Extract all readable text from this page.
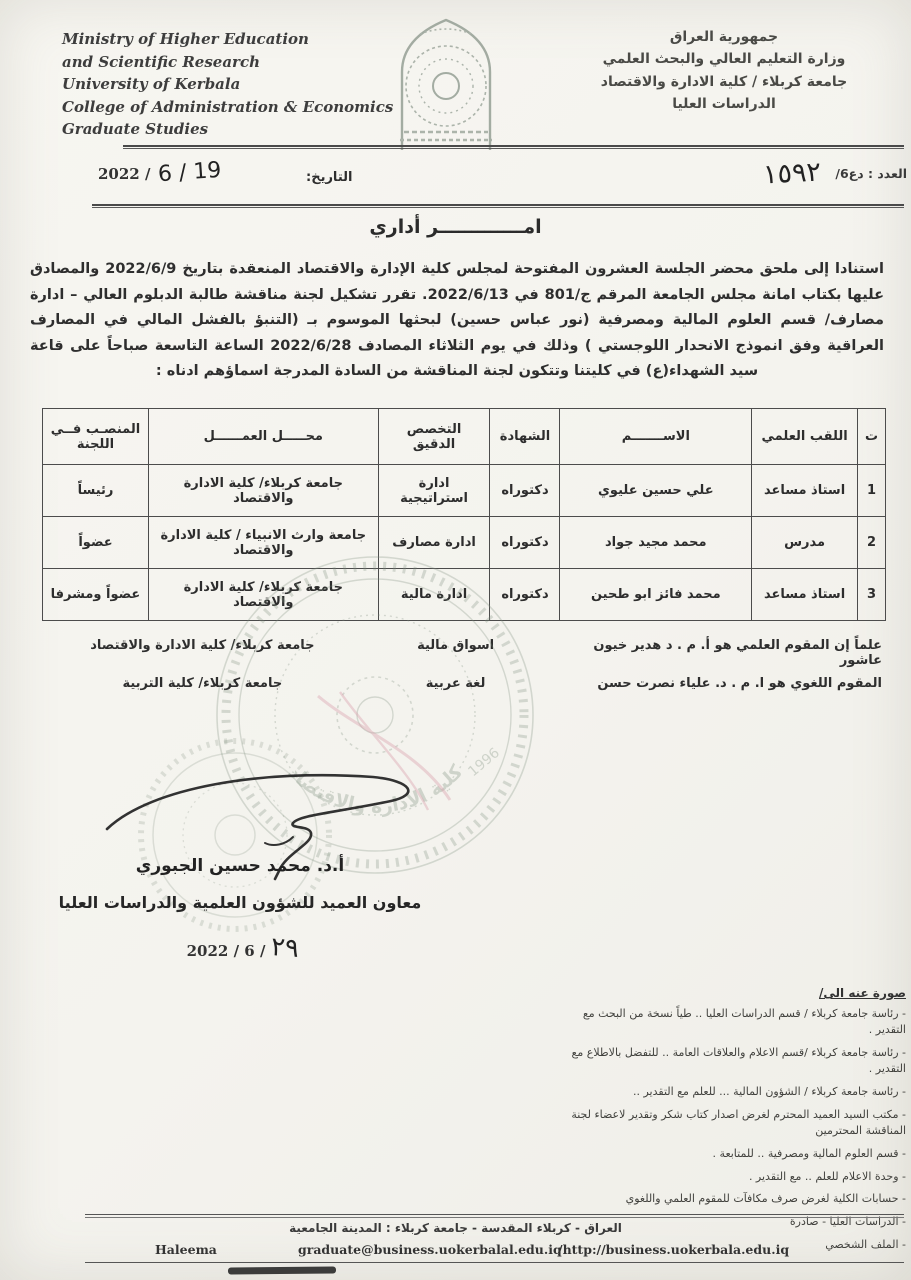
Ministry of Higher Education
and Scientific Research
University of Kerbala
College of Administration & Economics
Graduate Studies
جمهورية العراق
وزارة التعليم العالي والبحث العلمي
جامعة كربلاء / كلية الادارة والاقتصاد
الدراسات العليا
العدد : دع6/
١٥٩٢
التاريخ:
2022 / 6 / 19
امـــــــــــــر أداري
استنادا إلى ملحق محضر الجلسة العشرون المفتوحة لمجلس كلية الإدارة والاقتصاد المنعقدة بتاريخ 2022/6/9 والمصادق عليها بكتاب امانة مجلس الجامعة المرقم ج/801 في 2022/6/13. تقرر تشكيل لجنة مناقشة طالبة الدبلوم العالي – ادارة مصارف/ قسم العلوم المالية ومصرفية (نور عباس حسين) لبحثها الموسوم بـ (التنبؤ بالفشل المالي في المصارف العراقية وفق انموذج الانحدار اللوجستي ) وذلك في يوم الثلاثاء المصادف 2022/6/28 الساعة التاسعة صباحاً على قاعة سيد الشهداء(ع) في كليتنا وتتكون لجنة المناقشة من السادة المدرجة اسماؤهم ادناه :
ت	اللقب العلمي	الاســـــــم	الشهادة	التخصص الدقيق	محـــــل العمــــــل	المنصـب فــي اللجنة
1	استاذ مساعد	علي حسين عليوي	دكتوراه	ادارة استراتيجية	جامعة كربلاء/ كلية الادارة والاقتصاد	رئيساً
2	مدرس	محمد مجيد جواد	دكتوراه	ادارة مصارف	جامعة وارث الانبياء / كلية الادارة والاقتصاد	عضواً
3	استاذ مساعد	محمد فائز ابو طحين	دكتوراه	ادارة مالية	جامعة كربلاء/ كلية الادارة والاقتصاد	عضواً ومشرفا
علماً إن المقوم العلمي هو أ. م . د هدير خيون عاشور
اسواق مالية
جامعة كربلاء/ كلية الادارة والاقتصاد
المقوم اللغوي هو ا. م . د. علياء نصرت حسن
لغة عربية
جامعة كربلاء/ كلية التربية
كلية الادارة والاقتصاد
1996
أ.د. محمد حسين الجبوري
معاون العميد للشؤون العلمية والدراسات العليا
2022 / 6 / ٢٩
صورة عنه الى/
- رئاسة جامعة كربلاء / قسم الدراسات العليا .. طياً نسخة من البحث مع التقدير .
- رئاسة جامعة كربلاء /قسم الاعلام والعلاقات العامة .. للتفضل بالاطلاع مع التقدير .
- رئاسة جامعة كربلاء / الشؤون المالية ... للعلم مع التقدير ..
- مكتب السيد العميد المحترم لغرض اصدار كتاب شكر وتقدير لاعضاء لجنة المناقشة المحترمين
- قسم العلوم المالية ومصرفية .. للمتابعة .
- وحدة الاعلام للعلم .. مع التقدير .
- حسابات الكلية لغرض صرف مكافآت للمقوم العلمي واللغوي
- الدراسات العليا - صادرة
- الملف الشخصي
العراق - كربلاء المقدسة - جامعة كربلاء : المدينة الجامعية
Haleema	graduate@business.uokerbalal.edu.iq
/http://business.uokerbala.edu.iq
